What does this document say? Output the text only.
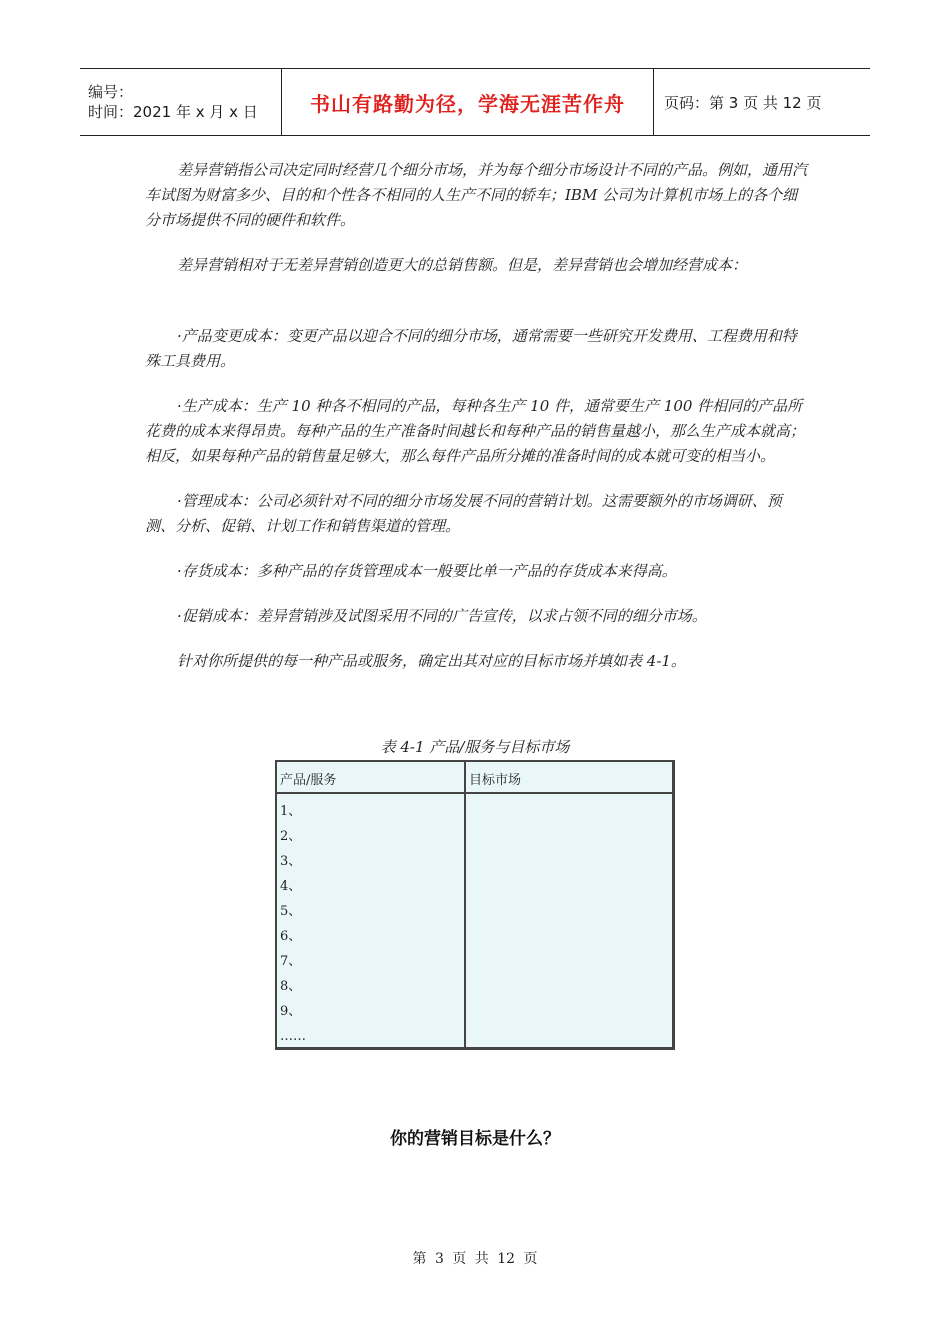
编号：
时间：2021 年 x 月 x 日	书山有路勤为径，学海无涯苦作舟	页码：第 3 页 共 12 页

差异营销指公司决定同时经营几个细分市场，并为每个细分市场设计不同的产品。例如，通用汽车试图为财富多少、目的和个性各不相同的人生产不同的轿车；IBM 公司为计算机市场上的各个细分市场提供不同的硬件和软件。

差异营销相对于无差异营销创造更大的总销售额。但是，差异营销也会增加经营成本：

·产品变更成本：变更产品以迎合不同的细分市场，通常需要一些研究开发费用、工程费用和特殊工具费用。

·生产成本：生产 10 种各不相同的产品，每种各生产 10 件，通常要生产 100 件相同的产品所花费的成本来得昂贵。每种产品的生产准备时间越长和每种产品的销售量越小，那么生产成本就高；相反，如果每种产品的销售量足够大，那么每件产品所分摊的准备时间的成本就可变的相当小。

·管理成本：公司必须针对不同的细分市场发展不同的营销计划。这需要额外的市场调研、预测、分析、促销、计划工作和销售渠道的管理。

·存货成本：多种产品的存货管理成本一般要比单一产品的存货成本来得高。

·促销成本：差异营销涉及试图采用不同的广告宣传，以求占领不同的细分市场。

针对你所提供的每一种产品或服务，确定出其对应的目标市场并填如表 4-1。

表 4-1 产品/服务与目标市场
产品/服务	目标市场
1、
2、
3、
4、
5、
6、
7、
8、
9、
……
你的营销目标是什么？
第 3 页 共 12 页
